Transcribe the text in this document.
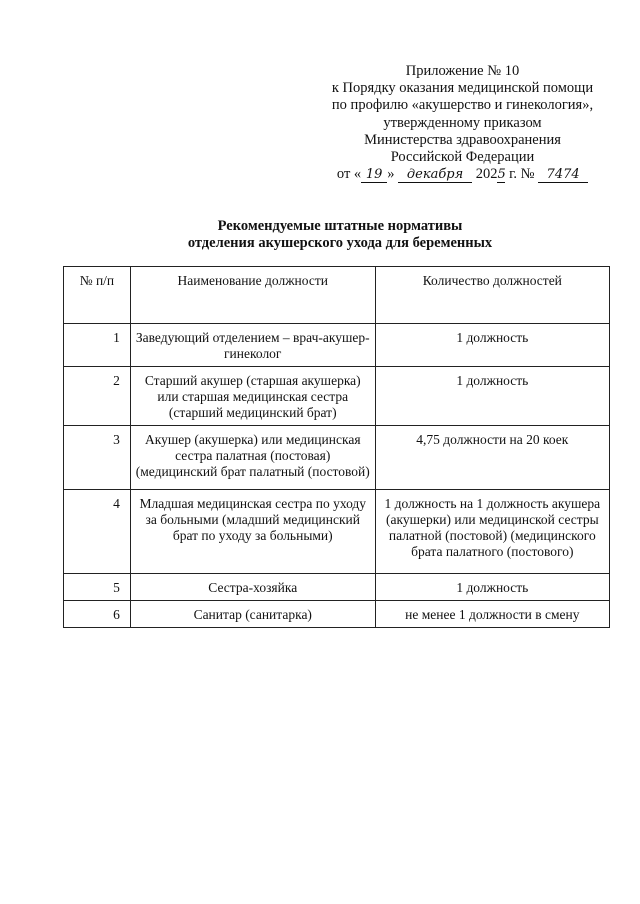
Приложение № 10
к Порядку оказания медицинской помощи
по профилю «акушерство и гинекология»,
утвержденному приказом
Министерства здравоохранения
Российской Федерации
от « 19 » декабря 2025 г. № 7474
Рекомендуемые штатные нормативы
отделения акушерского ухода для беременных
№ п/п	Наименование должности	Количество должностей
1	Заведующий отделением – врач-акушер-гинеколог	1 должность
2	Старший акушер (старшая акушерка) или старшая медицинская сестра (старший медицинский брат)	1 должность
3	Акушер (акушерка) или медицинская сестра палатная (постовая) (медицинский брат палатный (постовой)	4,75 должности на 20 коек
4	Младшая медицинская сестра по уходу за больными (младший медицинский брат по уходу за больными)	1 должность на 1 должность акушера (акушерки) или медицинской сестры палатной (постовой) (медицинского брата палатного (постового)
5	Сестра-хозяйка	1 должность
6	Санитар (санитарка)	не менее 1 должности в смену
